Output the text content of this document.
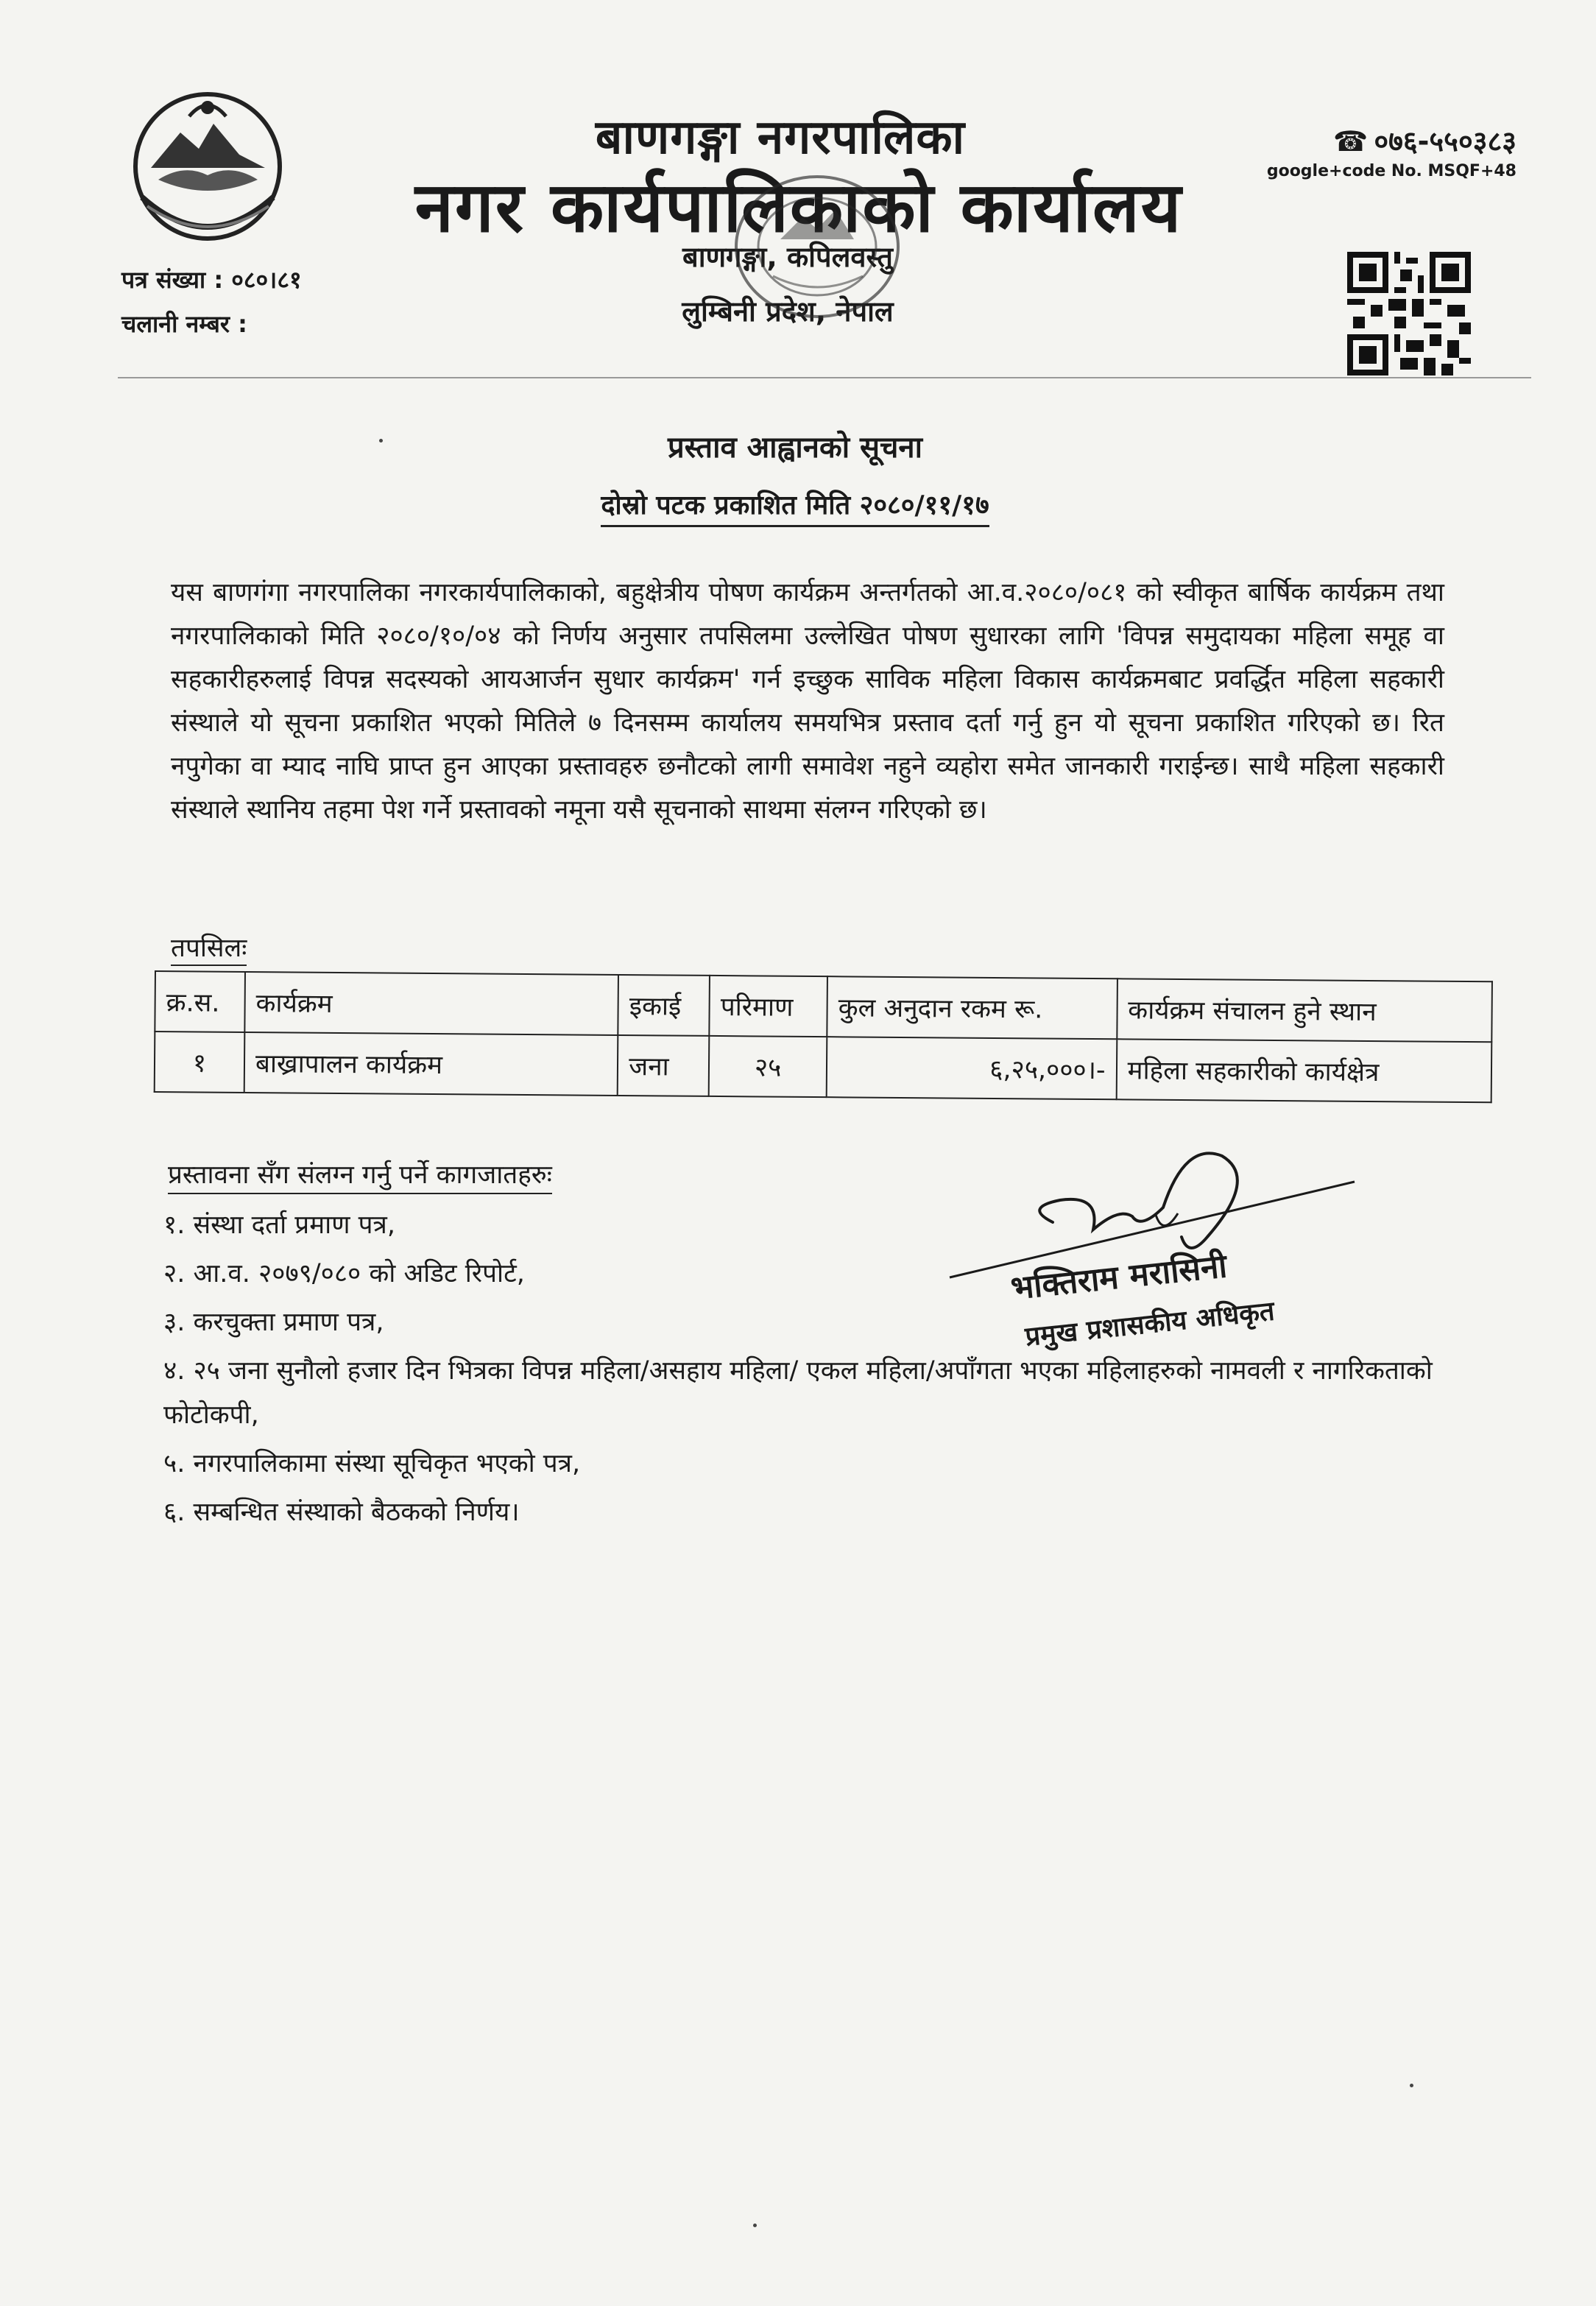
बाणगङ्गा नगरपालिका
नगर कार्यपालिकाको कार्यालय
बाणगङ्गा, कपिलवस्तु
लुम्बिनी प्रदेश, नेपाल
☎ ०७६-५५०३८३
google+code No. MSQF+48
पत्र संख्या : ०८०।८१
चलानी नम्बर :
प्रस्ताव आह्वानको सूचना
दोस्रो पटक प्रकाशित मिति २०८०/११/१७
यस बाणगंगा नगरपालिका नगरकार्यपालिकाको, बहुक्षेत्रीय पोषण कार्यक्रम अन्तर्गतको आ.व.२०८०/०८१ को स्वीकृत बार्षिक कार्यक्रम तथा नगरपालिकाको मिति २०८०/१०/०४ को निर्णय अनुसार तपसिलमा उल्लेखित पोषण सुधारका लागि 'विपन्न समुदायका महिला समूह वा सहकारीहरुलाई विपन्न सदस्यको आयआर्जन सुधार कार्यक्रम' गर्न इच्छुक साविक महिला विकास कार्यक्रमबाट प्रवर्द्धित महिला सहकारी संस्थाले यो सूचना प्रकाशित भएको मितिले ७ दिनसम्म कार्यालय समयभित्र प्रस्ताव दर्ता गर्नु हुन यो सूचना प्रकाशित गरिएको छ। रित नपुगेका वा म्याद नाघि प्राप्त हुन आएका प्रस्तावहरु छनौटको लागी समावेश नहुने व्यहोरा समेत जानकारी गराईन्छ। साथै महिला सहकारी संस्थाले स्थानिय तहमा पेश गर्ने प्रस्तावको नमूना यसै सूचनाको साथमा संलग्न गरिएको छ।
तपसिलः
क्र.स.	कार्यक्रम	इकाई	परिमाण	कुल अनुदान रकम रू.	कार्यक्रम संचालन हुने स्थान
१	बाख्रापालन कार्यक्रम	जना	२५	६,२५,०००।-	महिला सहकारीको कार्यक्षेत्र
प्रस्तावना सँग संलग्न गर्नु पर्ने कागजातहरुः
१. संस्था दर्ता प्रमाण पत्र,
२. आ.व. २०७९/०८० को अडिट रिपोर्ट,
३. करचुक्ता प्रमाण पत्र,
४. २५ जना सुनौलो हजार दिन भित्रका विपन्न महिला/असहाय महिला/ एकल महिला/अपाँगता भएका महिलाहरुको नामवली र नागरिकताको फोटोकपी,
५. नगरपालिकामा संस्था सूचिकृत भएको पत्र,
६. सम्बन्धित संस्थाको बैठकको निर्णय।
भक्तिराम मरासिनी
प्रमुख प्रशासकीय अधिकृत
